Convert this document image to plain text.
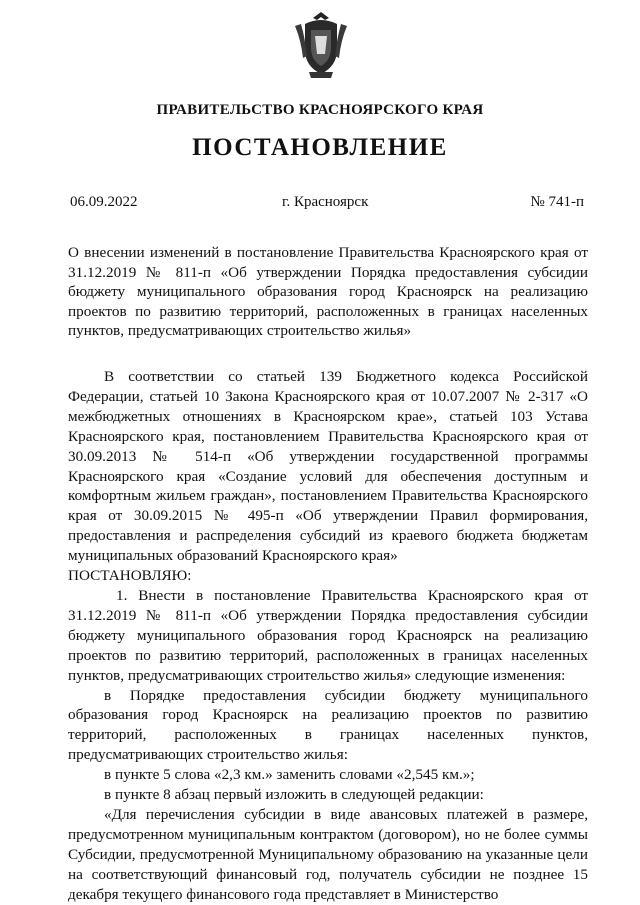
ПРАВИТЕЛЬСТВО КРАСНОЯРСКОГО КРАЯ
ПОСТАНОВЛЕНИЕ
06.09.2022	г. Красноярск	№ 741-п
О внесении изменений в постановление Правительства Красноярского края от 31.12.2019 № 811-п «Об утверждении Порядка предоставления субсидии бюджету муниципального образования город Красноярск на реализацию проектов по развитию территорий, расположенных в границах населенных пунктов, предусматривающих строительство жилья»

В соответствии со статьей 139 Бюджетного кодекса Российской Федерации, статьей 10 Закона Красноярского края от 10.07.2007 № 2-317 «О межбюджетных отношениях в Красноярском крае», статьей 103 Устава Красноярского края, постановлением Правительства Красноярского края от 30.09.2013 № 514-п «Об утверждении государственной программы Красноярского края «Создание условий для обеспечения доступным и комфортным жильем граждан», постановлением Правительства Красноярского края от 30.09.2015 № 495-п «Об утверждении Правил формирования, предоставления и распределения субсидий из краевого бюджета бюджетам муниципальных образований Красноярского края»

ПОСТАНОВЛЯЮ:

1. Внести в постановление Правительства Красноярского края от 31.12.2019 № 811-п «Об утверждении Порядка предоставления субсидии бюджету муниципального образования город Красноярск на реализацию проектов по развитию территорий, расположенных в границах населенных пунктов, предусматривающих строительство жилья» следующие изменения:

в Порядке предоставления субсидии бюджету муниципального образования город Красноярск на реализацию проектов по развитию территорий, расположенных в границах населенных пунктов, предусматривающих строительство жилья:

в пункте 5 слова «2,3 км.» заменить словами «2,545 км.»;

в пункте 8 абзац первый изложить в следующей редакции:

«Для перечисления субсидии в виде авансовых платежей в размере, предусмотренном муниципальным контрактом (договором), но не более суммы Субсидии, предусмотренной Муниципальному образованию на указанные цели на соответствующий финансовый год, получатель субсидии не позднее 15 декабря текущего финансового года представляет в Министерство
